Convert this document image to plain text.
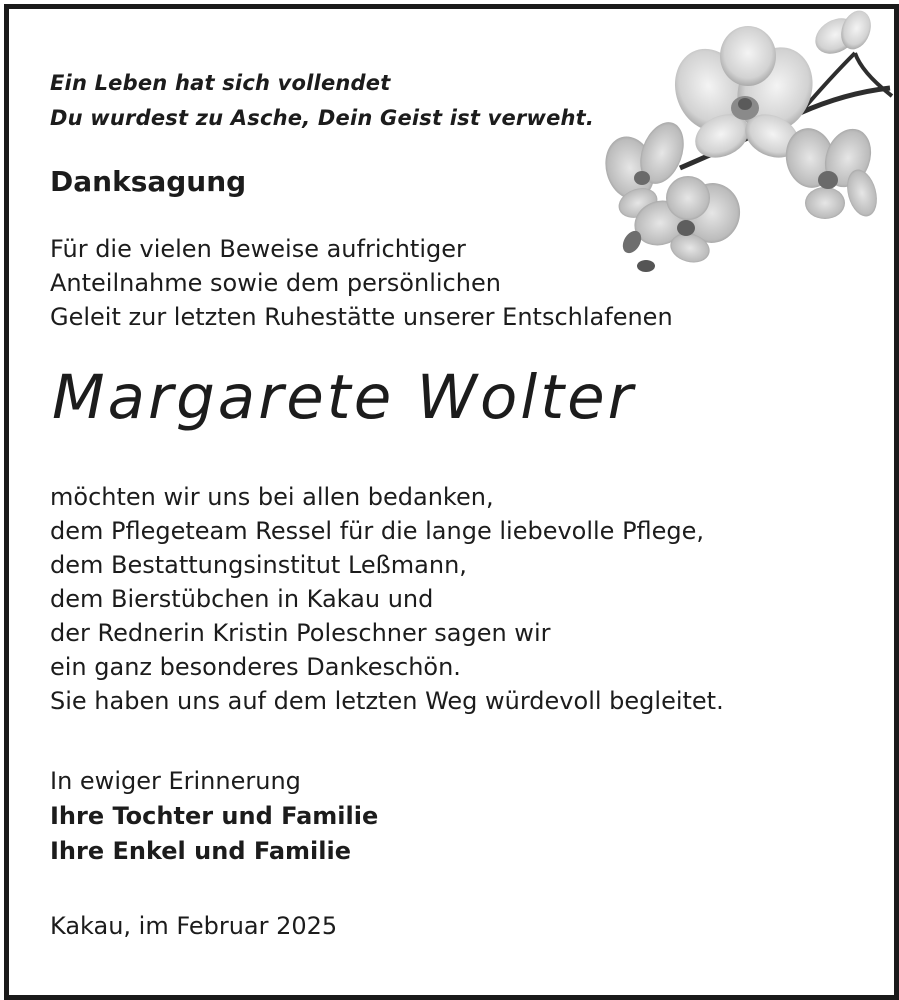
Ein Leben hat sich vollendet
Du wurdest zu Asche, Dein Geist ist verweht.
Danksagung
Für die vielen Beweise aufrichtiger
Anteilnahme sowie dem persönlichen
Geleit zur letzten Ruhestätte unserer Entschlafenen
Margarete Wolter
möchten wir uns bei allen bedanken,
dem Pflegeteam Ressel für die lange liebevolle Pflege,
dem Bestattungsinstitut Leßmann,
dem Bierstübchen in Kakau und
der Rednerin Kristin Poleschner sagen wir
ein ganz besonderes Dankeschön.
Sie haben uns auf dem letzten Weg würdevoll begleitet.
In ewiger Erinnerung
Ihre Tochter und Familie
Ihre Enkel und Familie
Kakau, im Februar 2025
